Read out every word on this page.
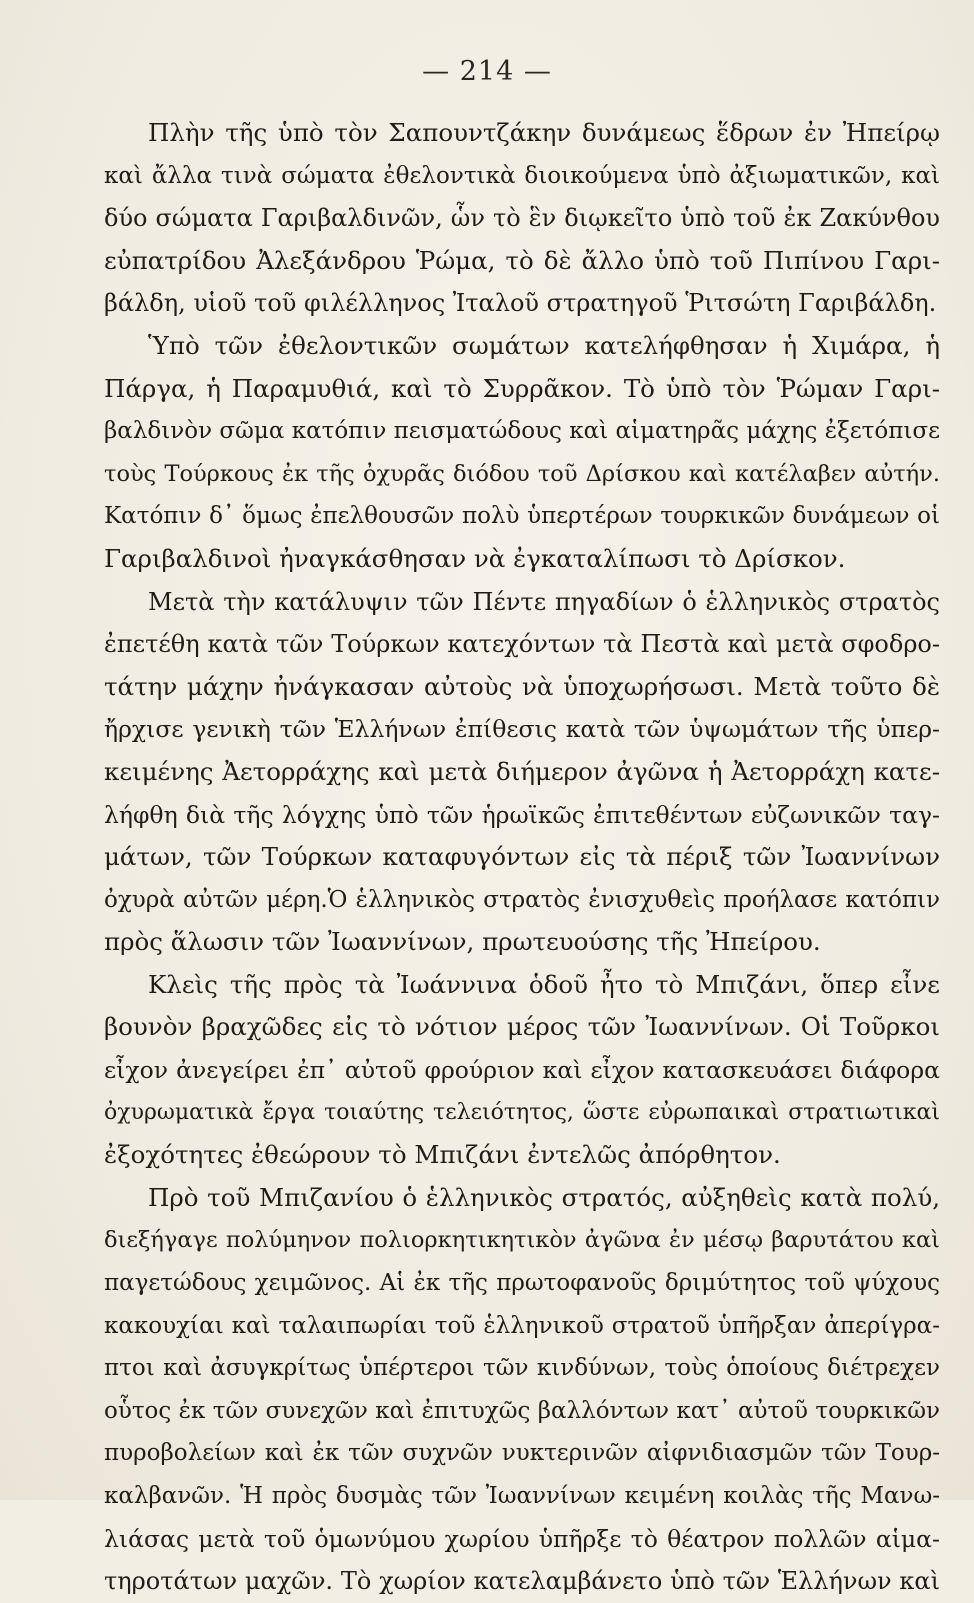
— 214 —
Πλὴν τῆς ὑπὸ τὸν Σαπουντζάκην δυνάμεως ἕδρων ἐν Ἠπείρῳ
καὶ ἄλλα τινὰ σώματα ἐθελοντικὰ διοικούμενα ὑπὸ ἀξιωματικῶν, καὶ
δύο σώματα Γαριβαλδινῶν, ὧν τὸ ἓν διῳκεῖτο ὑπὸ τοῦ ἐκ Ζακύνθου
εὐπατρίδου Ἀλεξάνδρου Ῥώμα, τὸ δὲ ἄλλο ὑπὸ τοῦ Πιπίνου Γαρι-
βάλδη, υἱοῦ τοῦ φιλέλληνος Ἰταλοῦ στρατηγοῦ Ῥιτσώτη Γαριβάλδη.
Ὑπὸ τῶν ἐθελοντικῶν σωμάτων κατελήφθησαν ἡ Χιμάρα, ἡ
Πάργα, ἡ Παραμυθιά, καὶ τὸ Συρρᾶκον. Τὸ ὑπὸ τὸν Ῥώμαν Γαρι-
βαλδινὸν σῶμα κατόπιν πεισματώδους καὶ αἱματηρᾶς μάχης ἐξετόπισε
τοὺς Τούρκους ἐκ τῆς ὀχυρᾶς διόδου τοῦ Δρίσκου καὶ κατέλαβεν αὐτήν.
Κατόπιν δ᾽ ὅμως ἐπελθουσῶν πολὺ ὑπερτέρων τουρκικῶν δυνάμεων οἱ
Γαριβαλδινοὶ ἠναγκάσθησαν νὰ ἐγκαταλίπωσι τὸ Δρίσκον.
Μετὰ τὴν κατάλυψιν τῶν Πέντε πηγαδίων ὁ ἑλληνικὸς στρατὸς
ἐπετέθη κατὰ τῶν Τούρκων κατεχόντων τὰ Πεστὰ καὶ μετὰ σφοδρο-
τάτην μάχην ἠνάγκασαν αὐτοὺς νὰ ὑποχωρήσωσι. Μετὰ τοῦτο δὲ
ἤρχισε γενικὴ τῶν Ἑλλήνων ἐπίθεσις κατὰ τῶν ὑψωμάτων τῆς ὑπερ-
κειμένης Ἀετορράχης καὶ μετὰ διήμερον ἀγῶνα ἡ Ἀετορράχη κατε-
λήφθη διὰ τῆς λόγχης ὑπὸ τῶν ἡρωϊκῶς ἐπιτεθέντων εὐζωνικῶν ταγ-
μάτων, τῶν Τούρκων καταφυγόντων εἰς τὰ πέριξ τῶν Ἰωαννίνων
ὀχυρὰ αὐτῶν μέρη.Ὁ ἑλληνικὸς στρατὸς ἐνισχυθεὶς προήλασε κατόπιν
πρὸς ἅλωσιν τῶν Ἰωαννίνων, πρωτευούσης τῆς Ἠπείρου.
Κλεὶς τῆς πρὸς τὰ Ἰωάννινα ὁδοῦ ἦτο τὸ Μπιζάνι, ὅπερ εἶνε
βουνὸν βραχῶδες εἰς τὸ νότιον μέρος τῶν Ἰωαννίνων. Οἱ Τοῦρκοι
εἶχον ἀνεγείρει ἐπ᾽ αὐτοῦ φρούριον καὶ εἶχον κατασκευάσει διάφορα
ὀχυρωματικὰ ἔργα τοιαύτης τελειότητος, ὥστε εὐρωπαικαὶ στρατιωτικαὶ
ἐξοχότητες ἐθεώρουν τὸ Μπιζάνι ἐντελῶς ἀπόρθητον.
Πρὸ τοῦ Μπιζανίου ὁ ἑλληνικὸς στρατός, αὐξηθεὶς κατὰ πολύ,
διεξήγαγε πολύμηνον πολιορκητικητικὸν ἀγῶνα ἐν μέσῳ βαρυτάτου καὶ
παγετώδους χειμῶνος. Αἱ ἐκ τῆς πρωτοφανοῦς δριμύτητος τοῦ ψύχους
κακουχίαι καὶ ταλαιπωρίαι τοῦ ἑλληνικοῦ στρατοῦ ὑπῆρξαν ἀπερίγρα-
πτοι καὶ ἀσυγκρίτως ὑπέρτεροι τῶν κινδύνων, τοὺς ὁποίους διέτρεχεν
οὗτος ἐκ τῶν συνεχῶν καὶ ἐπιτυχῶς βαλλόντων κατ᾽ αὐτοῦ τουρκικῶν
πυροβολείων καὶ ἐκ τῶν συχνῶν νυκτερινῶν αἰφνιδιασμῶν τῶν Τουρ-
καλβανῶν. Ἡ πρὸς δυσμὰς τῶν Ἰωαννίνων κειμένη κοιλὰς τῆς Μανω-
λιάσας μετὰ τοῦ ὁμωνύμου χωρίου ὑπῆρξε τὸ θέατρον πολλῶν αἱμα-
τηροτάτων μαχῶν. Τὸ χωρίον κατελαμβάνετο ὑπὸ τῶν Ἑλλήνων καὶ
